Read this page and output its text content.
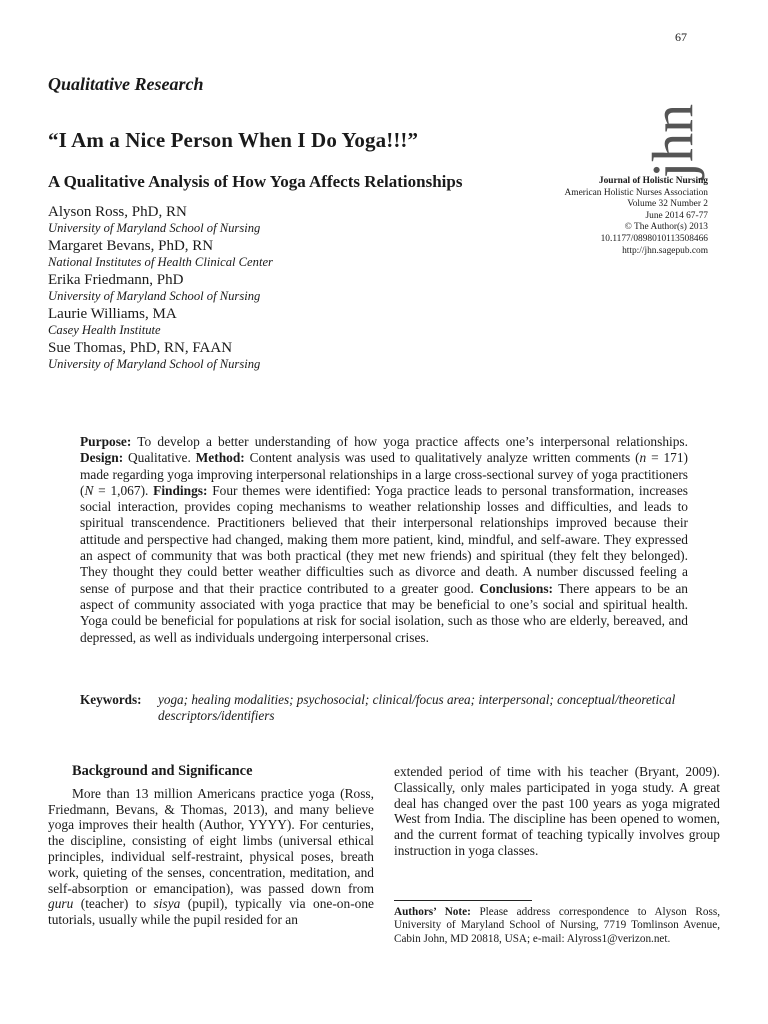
67
jhn
Qualitative Research
“I Am a Nice Person When I Do Yoga!!!”
A Qualitative Analysis of How Yoga Affects Relationships	Journal of Holistic Nursing
American Holistic Nurses Association
Volume 32 Number 2
June 2014 67-77
© The Author(s) 2013
10.1177/0898010113508466
http://jhn.sagepub.com
Alyson Ross, PhD, RN
University of Maryland School of Nursing
Margaret Bevans, PhD, RN
National Institutes of Health Clinical Center
Erika Friedmann, PhD
University of Maryland School of Nursing
Laurie Williams, MA
Casey Health Institute
Sue Thomas, PhD, RN, FAAN
University of Maryland School of Nursing
Purpose: To develop a better understanding of how yoga practice affects one’s interpersonal relationships. Design: Qualitative. Method: Content analysis was used to qualitatively analyze written comments (n = 171) made regarding yoga improving interpersonal relationships in a large cross-sectional survey of yoga practitioners (N = 1,067). Findings: Four themes were identified: Yoga practice leads to personal transformation, increases social interaction, provides coping mechanisms to weather relationship losses and difficulties, and leads to spiritual transcendence. Practitioners believed that their interpersonal relationships improved because their attitude and perspective had changed, making them more patient, kind, mindful, and self-aware. They expressed an aspect of community that was both practical (they met new friends) and spiritual (they felt they belonged). They thought they could better weather difficulties such as divorce and death. A number discussed feeling a sense of purpose and that their practice contributed to a greater good. Conclusions: There appears to be an aspect of community associated with yoga practice that may be beneficial to one’s social and spiritual health. Yoga could be beneficial for populations at risk for social isolation, such as those who are elderly, bereaved, and depressed, as well as individuals undergoing interpersonal crises.
Keywords:	yoga; healing modalities; psychosocial; clinical/focus area; interpersonal; conceptual/theoretical descriptors/identifiers
Background and Significance

More than 13 million Americans practice yoga (Ross, Friedmann, Bevans, & Thomas, 2013), and many believe yoga improves their health (Author, YYYY). For centuries, the discipline, consisting of eight limbs (universal ethical principles, individual self-restraint, physical poses, breath work, quieting of the senses, concentration, meditation, and self-absorption or emancipation), was passed down from guru (teacher) to sisya (pupil), typically via one-on-one tutorials, usually while the pupil resided for an

extended period of time with his teacher (Bryant, 2009). Classically, only males participated in yoga study. A great deal has changed over the past 100 years as yoga migrated West from India. The discipline has been opened to women, and the current format of teaching typically involves group instruction in yoga classes.

Authors’ Note: Please address correspondence to Alyson Ross, University of Maryland School of Nursing, 7719 Tomlinson Avenue, Cabin John, MD 20818, USA; e-mail: Alyross1@verizon.net.
